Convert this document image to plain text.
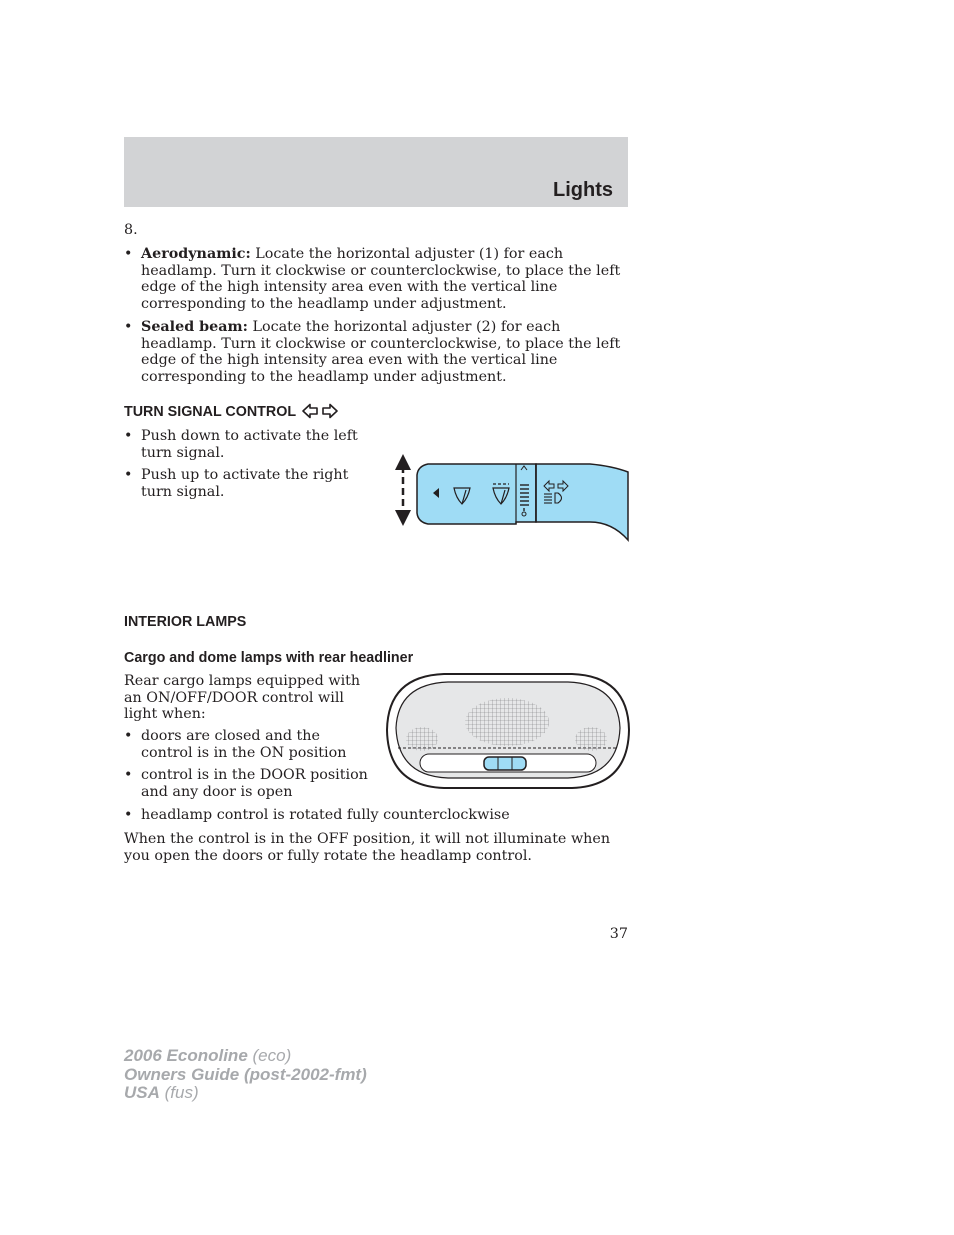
Lights
8.
• Aerodynamic: Locate the horizontal adjuster (1) for each headlamp. Turn it clockwise or counterclockwise, to place the left edge of the high intensity area even with the vertical line corresponding to the headlamp under adjustment.
• Sealed beam: Locate the horizontal adjuster (2) for each headlamp. Turn it clockwise or counterclockwise, to place the left edge of the high intensity area even with the vertical line corresponding to the headlamp under adjustment.
TURN SIGNAL CONTROL
• Push down to activate the left turn signal.
• Push up to activate the right turn signal.
INTERIOR LAMPS
Cargo and dome lamps with rear headliner
Rear cargo lamps equipped with an ON/OFF/DOOR control will light when:
• doors are closed and the control is in the ON position
• control is in the DOOR position and any door is open
• headlamp control is rotated fully counterclockwise
When the control is in the OFF position, it will not illuminate when you open the doors or fully rotate the headlamp control.
37
2006 Econoline (eco)
Owners Guide (post-2002-fmt)
USA (fus)
